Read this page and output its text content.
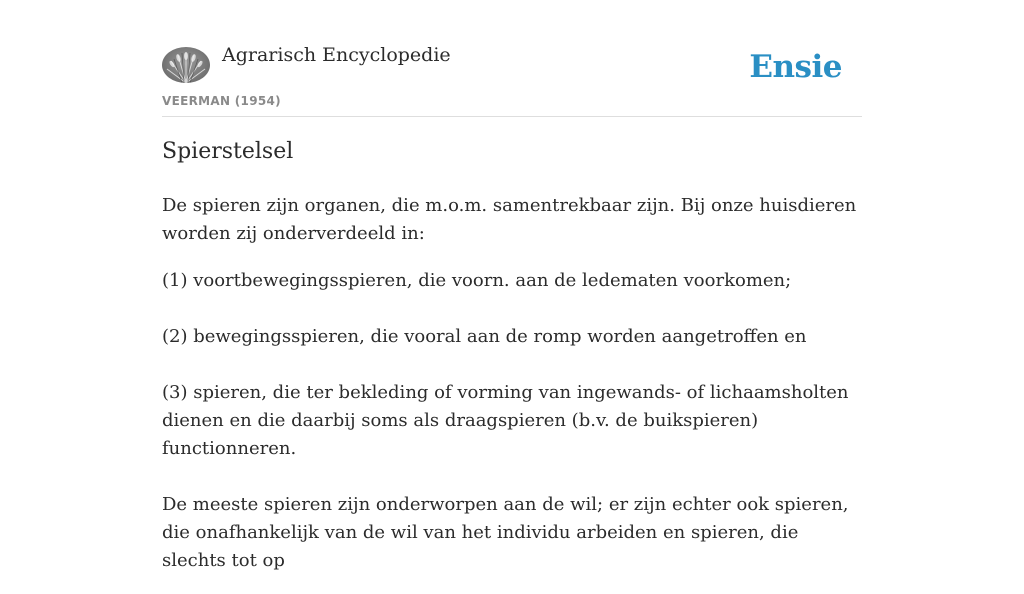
Agrarisch Encyclopedie
VEERMAN (1954)
Ensie
Spierstelsel

De spieren zijn organen, die m.o.m. samentrekbaar zijn. Bij onze huisdieren worden zij onderverdeeld in:

(1) voortbewegingsspieren, die voorn. aan de ledematen voorkomen;

(2) bewegingsspieren, die vooral aan de romp worden aangetroffen en

(3) spieren, die ter bekleding of vorming van ingewands- of lichaamsholten dienen en die daarbij soms als draagspieren (b.v. de buikspieren) functionneren.

De meeste spieren zijn onderworpen aan de wil; er zijn echter ook spieren, die onafhankelijk van de wil van het individu arbeiden en spieren, die slechts tot op
